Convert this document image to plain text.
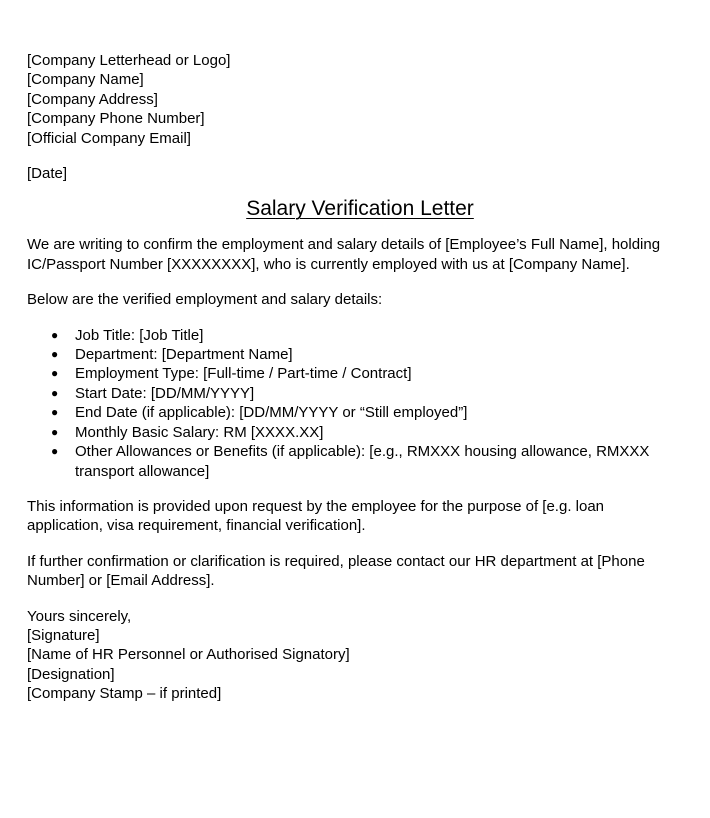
[Company Letterhead or Logo]
[Company Name]
[Company Address]
[Company Phone Number]
[Official Company Email]
[Date]
Salary Verification Letter

We are writing to confirm the employment and salary details of [Employee’s Full Name], holding IC/Passport Number [XXXXXXXX], who is currently employed with us at [Company Name].

Below are the verified employment and salary details:

● Job Title: [Job Title]
● Department: [Department Name]
● Employment Type: [Full-time / Part-time / Contract]
● Start Date: [DD/MM/YYYY]
● End Date (if applicable): [DD/MM/YYYY or “Still employed”]
● Monthly Basic Salary: RM [XXXX.XX]
● Other Allowances or Benefits (if applicable): [e.g., RMXXX housing allowance, RMXXX transport allowance]

This information is provided upon request by the employee for the purpose of [e.g. loan application, visa requirement, financial verification].

If further confirmation or clarification is required, please contact our HR department at [Phone Number] or [Email Address].

Yours sincerely,
[Signature]
[Name of HR Personnel or Authorised Signatory]
[Designation]
[Company Stamp – if printed]
